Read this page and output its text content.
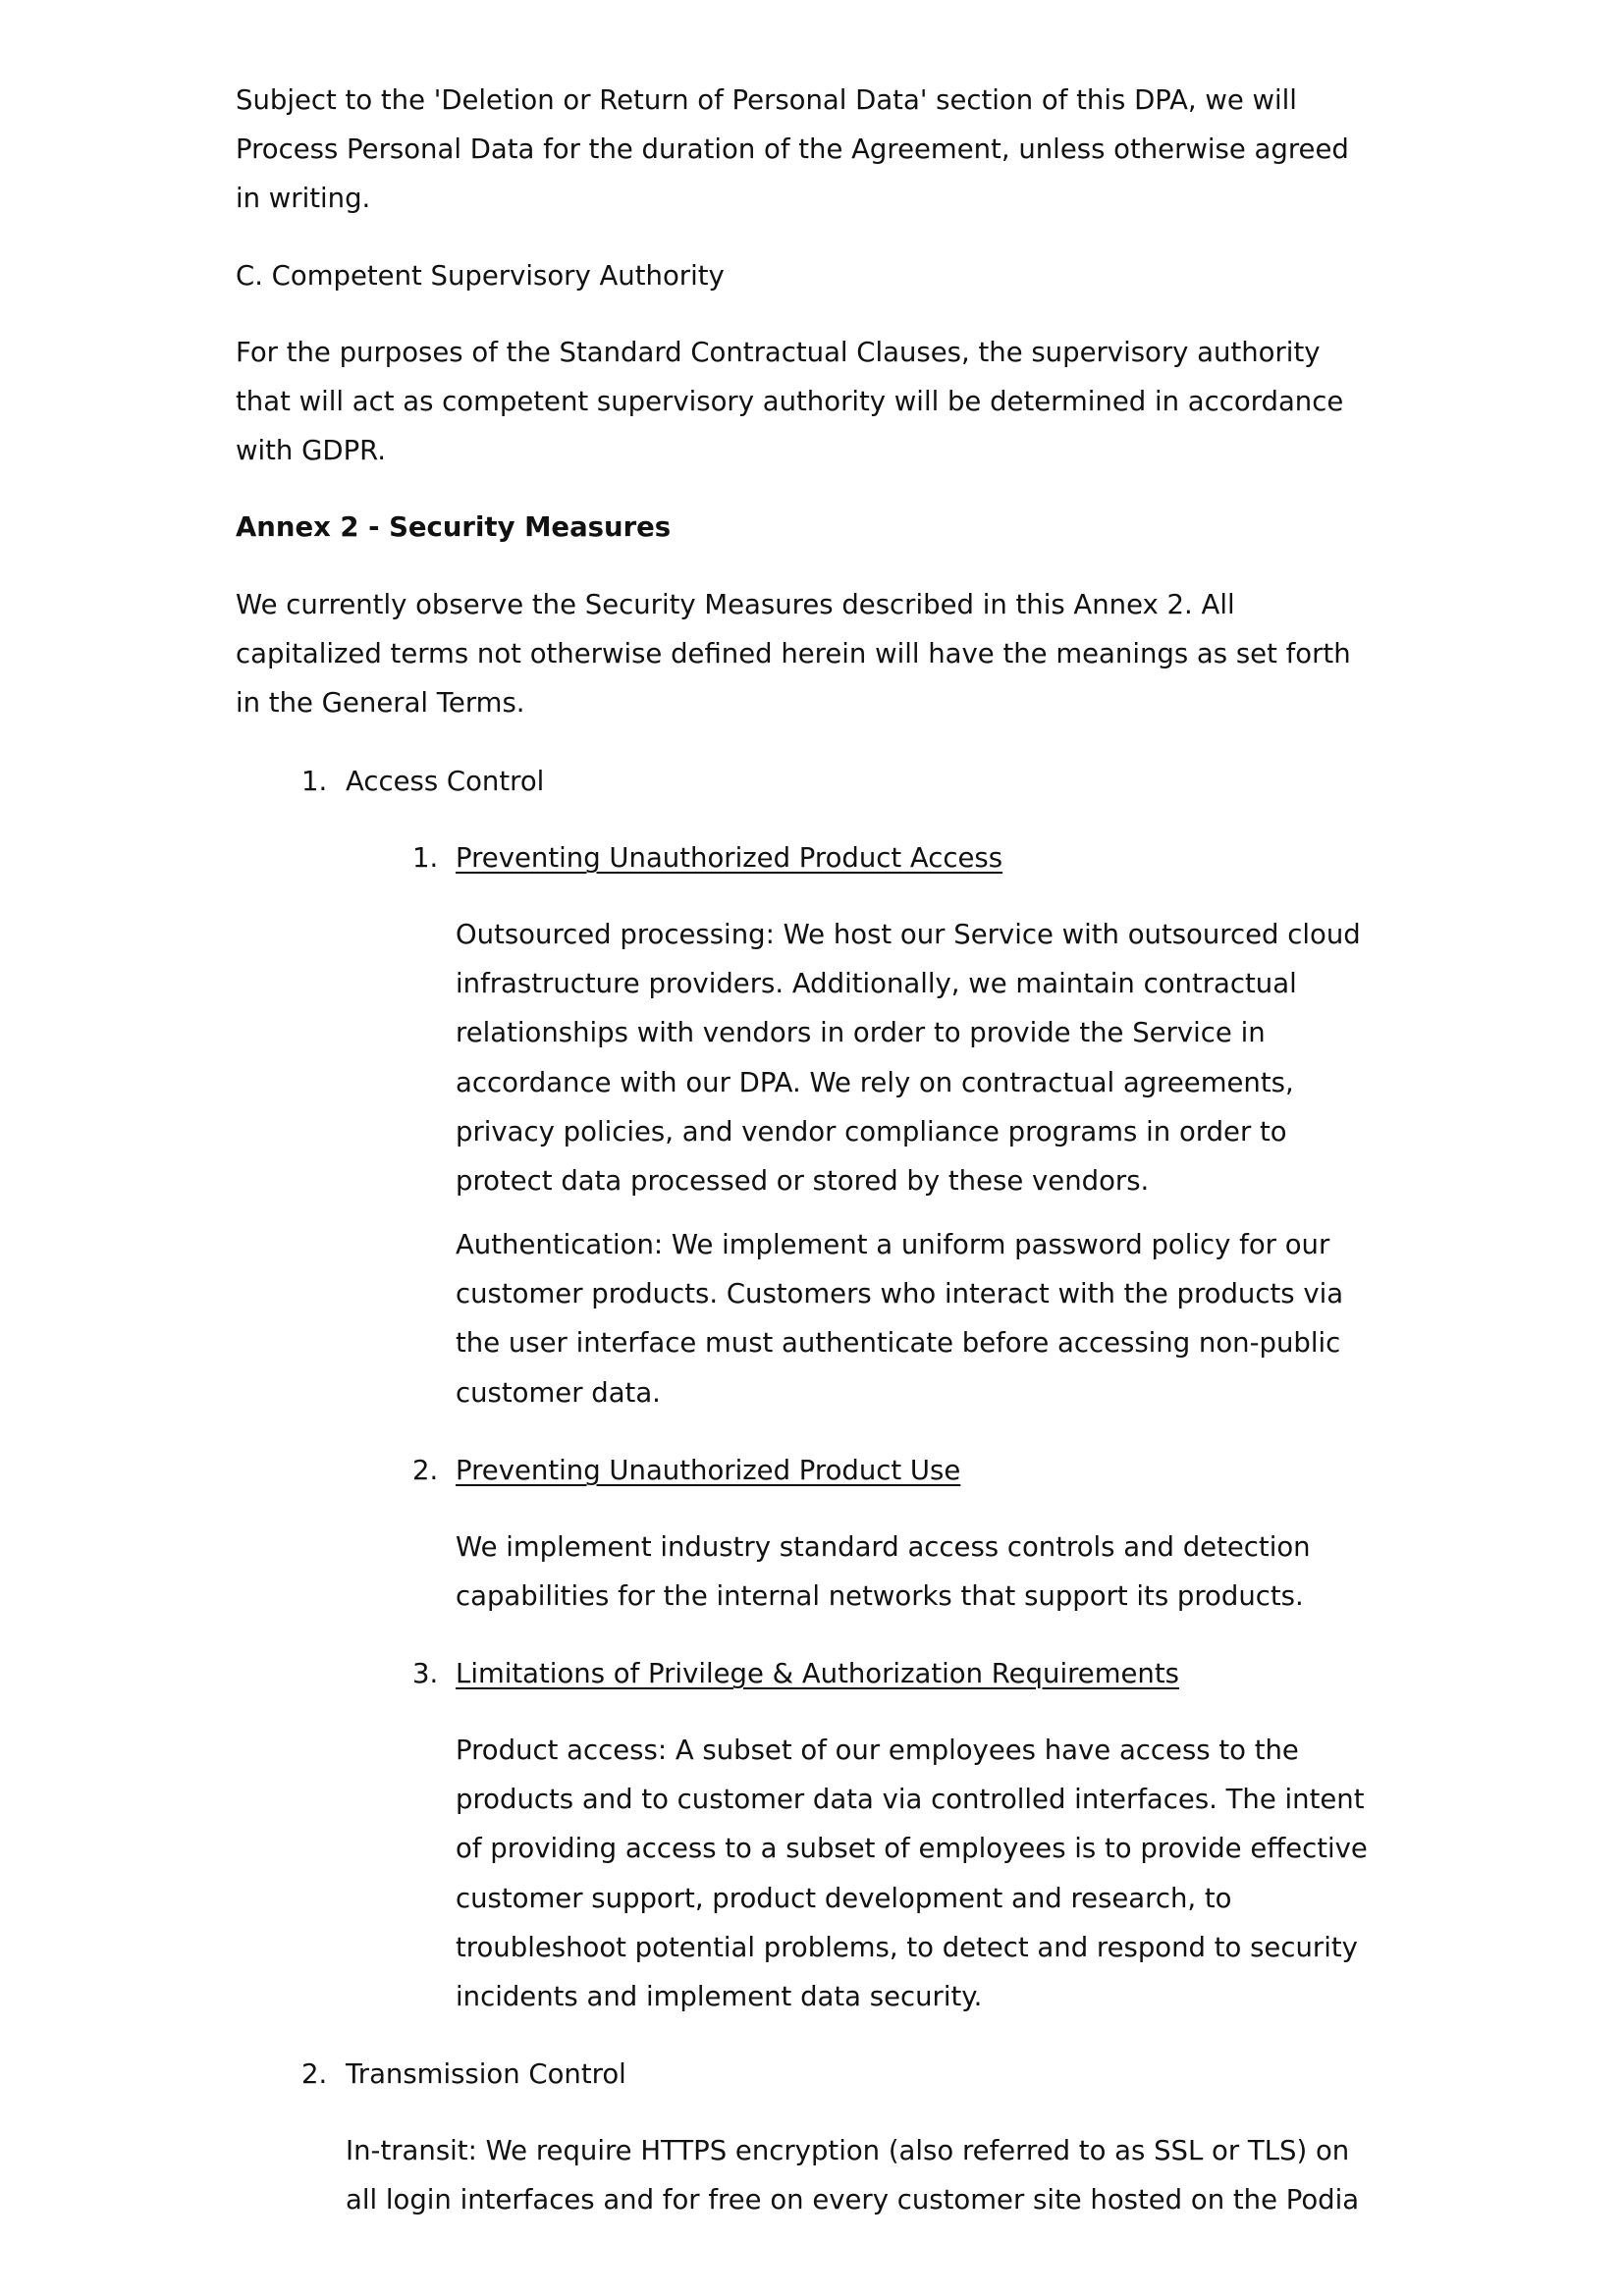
Subject to the 'Deletion or Return of Personal Data' section of this DPA, we will
Process Personal Data for the duration of the Agreement, unless otherwise agreed
in writing.
C. Competent Supervisory Authority
For the purposes of the Standard Contractual Clauses, the supervisory authority
that will act as competent supervisory authority will be determined in accordance
with GDPR.
Annex 2 - Security Measures
We currently observe the Security Measures described in this Annex 2. All
capitalized terms not otherwise defined herein will have the meanings as set forth
in the General Terms.
1. Access Control
1. Preventing Unauthorized Product Access
Outsourced processing: We host our Service with outsourced cloud
infrastructure providers. Additionally, we maintain contractual
relationships with vendors in order to provide the Service in
accordance with our DPA. We rely on contractual agreements,
privacy policies, and vendor compliance programs in order to
protect data processed or stored by these vendors.
Authentication: We implement a uniform password policy for our
customer products. Customers who interact with the products via
the user interface must authenticate before accessing non-public
customer data.
2. Preventing Unauthorized Product Use
We implement industry standard access controls and detection
capabilities for the internal networks that support its products.
3. Limitations of Privilege & Authorization Requirements
Product access: A subset of our employees have access to the
products and to customer data via controlled interfaces. The intent
of providing access to a subset of employees is to provide effective
customer support, product development and research, to
troubleshoot potential problems, to detect and respond to security
incidents and implement data security.
2. Transmission Control
In-transit: We require HTTPS encryption (also referred to as SSL or TLS) on
all login interfaces and for free on every customer site hosted on the Podia
